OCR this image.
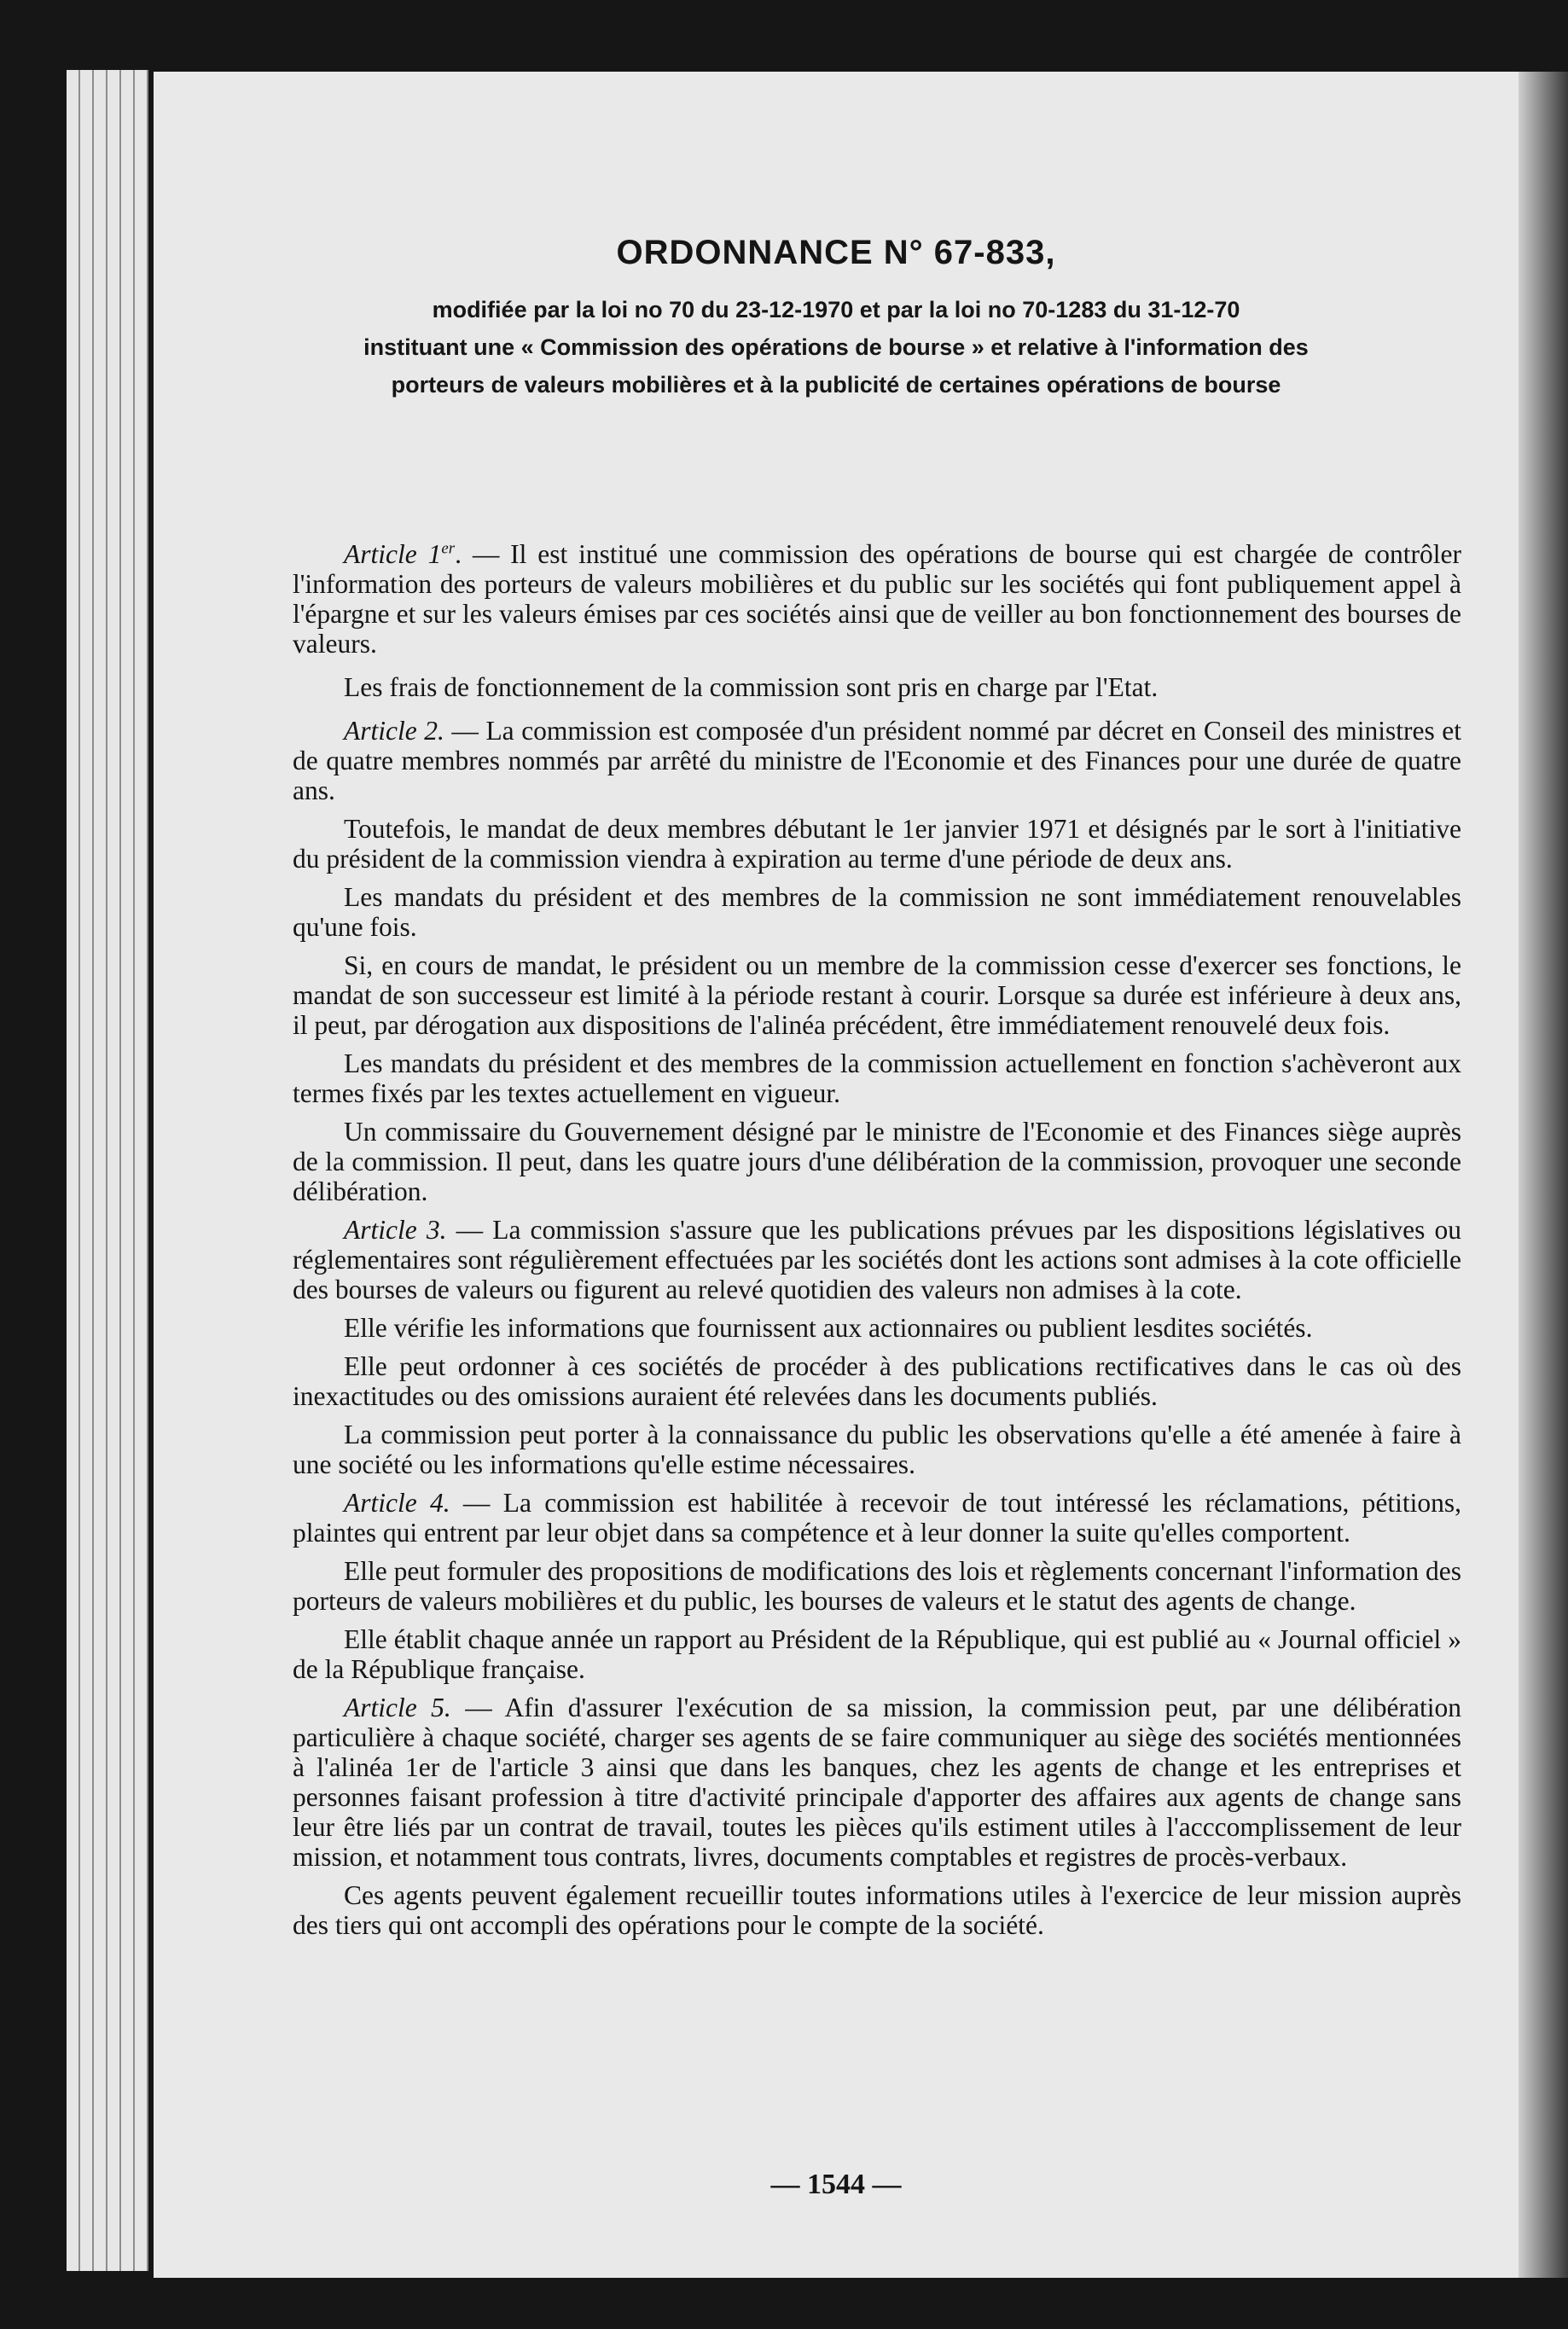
ORDONNANCE N° 67-833,
modifiée par la loi no 70 du 23-12-1970 et par la loi no 70-1283 du 31-12-70
instituant une « Commission des opérations de bourse » et relative à l'information des
porteurs de valeurs mobilières et à la publicité de certaines opérations de bourse

Article 1er. — Il est institué une commission des opérations de bourse qui est chargée de contrôler l'information des porteurs de valeurs mobilières et du public sur les sociétés qui font publiquement appel à l'épargne et sur les valeurs émises par ces sociétés ainsi que de veiller au bon fonctionnement des bourses de valeurs.

Les frais de fonctionnement de la commission sont pris en charge par l'Etat.

Article 2. — La commission est composée d'un président nommé par décret en Conseil des ministres et de quatre membres nommés par arrêté du ministre de l'Economie et des Finances pour une durée de quatre ans.

Toutefois, le mandat de deux membres débutant le 1er janvier 1971 et désignés par le sort à l'initiative du président de la commission viendra à expiration au terme d'une période de deux ans.

Les mandats du président et des membres de la commission ne sont immédiatement renouvelables qu'une fois.

Si, en cours de mandat, le président ou un membre de la commission cesse d'exercer ses fonctions, le mandat de son successeur est limité à la période restant à courir. Lorsque sa durée est inférieure à deux ans, il peut, par dérogation aux dispositions de l'alinéa précédent, être immédiatement renouvelé deux fois.

Les mandats du président et des membres de la commission actuellement en fonction s'achèveront aux termes fixés par les textes actuellement en vigueur.

Un commissaire du Gouvernement désigné par le ministre de l'Economie et des Finances siège auprès de la commission. Il peut, dans les quatre jours d'une délibération de la commission, provoquer une seconde délibération.

Article 3. — La commission s'assure que les publications prévues par les dispositions législatives ou réglementaires sont régulièrement effectuées par les sociétés dont les actions sont admises à la cote officielle des bourses de valeurs ou figurent au relevé quotidien des valeurs non admises à la cote.

Elle vérifie les informations que fournissent aux actionnaires ou publient lesdites sociétés.

Elle peut ordonner à ces sociétés de procéder à des publications rectificatives dans le cas où des inexactitudes ou des omissions auraient été relevées dans les documents publiés.

La commission peut porter à la connaissance du public les observations qu'elle a été amenée à faire à une société ou les informations qu'elle estime nécessaires.

Article 4. — La commission est habilitée à recevoir de tout intéressé les réclamations, pétitions, plaintes qui entrent par leur objet dans sa compétence et à leur donner la suite qu'elles comportent.

Elle peut formuler des propositions de modifications des lois et règlements concernant l'information des porteurs de valeurs mobilières et du public, les bourses de valeurs et le statut des agents de change.

Elle établit chaque année un rapport au Président de la République, qui est publié au « Journal officiel » de la République française.

Article 5. — Afin d'assurer l'exécution de sa mission, la commission peut, par une délibération particulière à chaque société, charger ses agents de se faire communiquer au siège des sociétés mentionnées à l'alinéa 1er de l'article 3 ainsi que dans les banques, chez les agents de change et les entreprises et personnes faisant profession à titre d'activité principale d'apporter des affaires aux agents de change sans leur être liés par un contrat de travail, toutes les pièces qu'ils estiment utiles à l'acccomplissement de leur mission, et notamment tous contrats, livres, documents comptables et registres de procès-verbaux.

Ces agents peuvent également recueillir toutes informations utiles à l'exercice de leur mission auprès des tiers qui ont accompli des opérations pour le compte de la société.

— 1544 —
